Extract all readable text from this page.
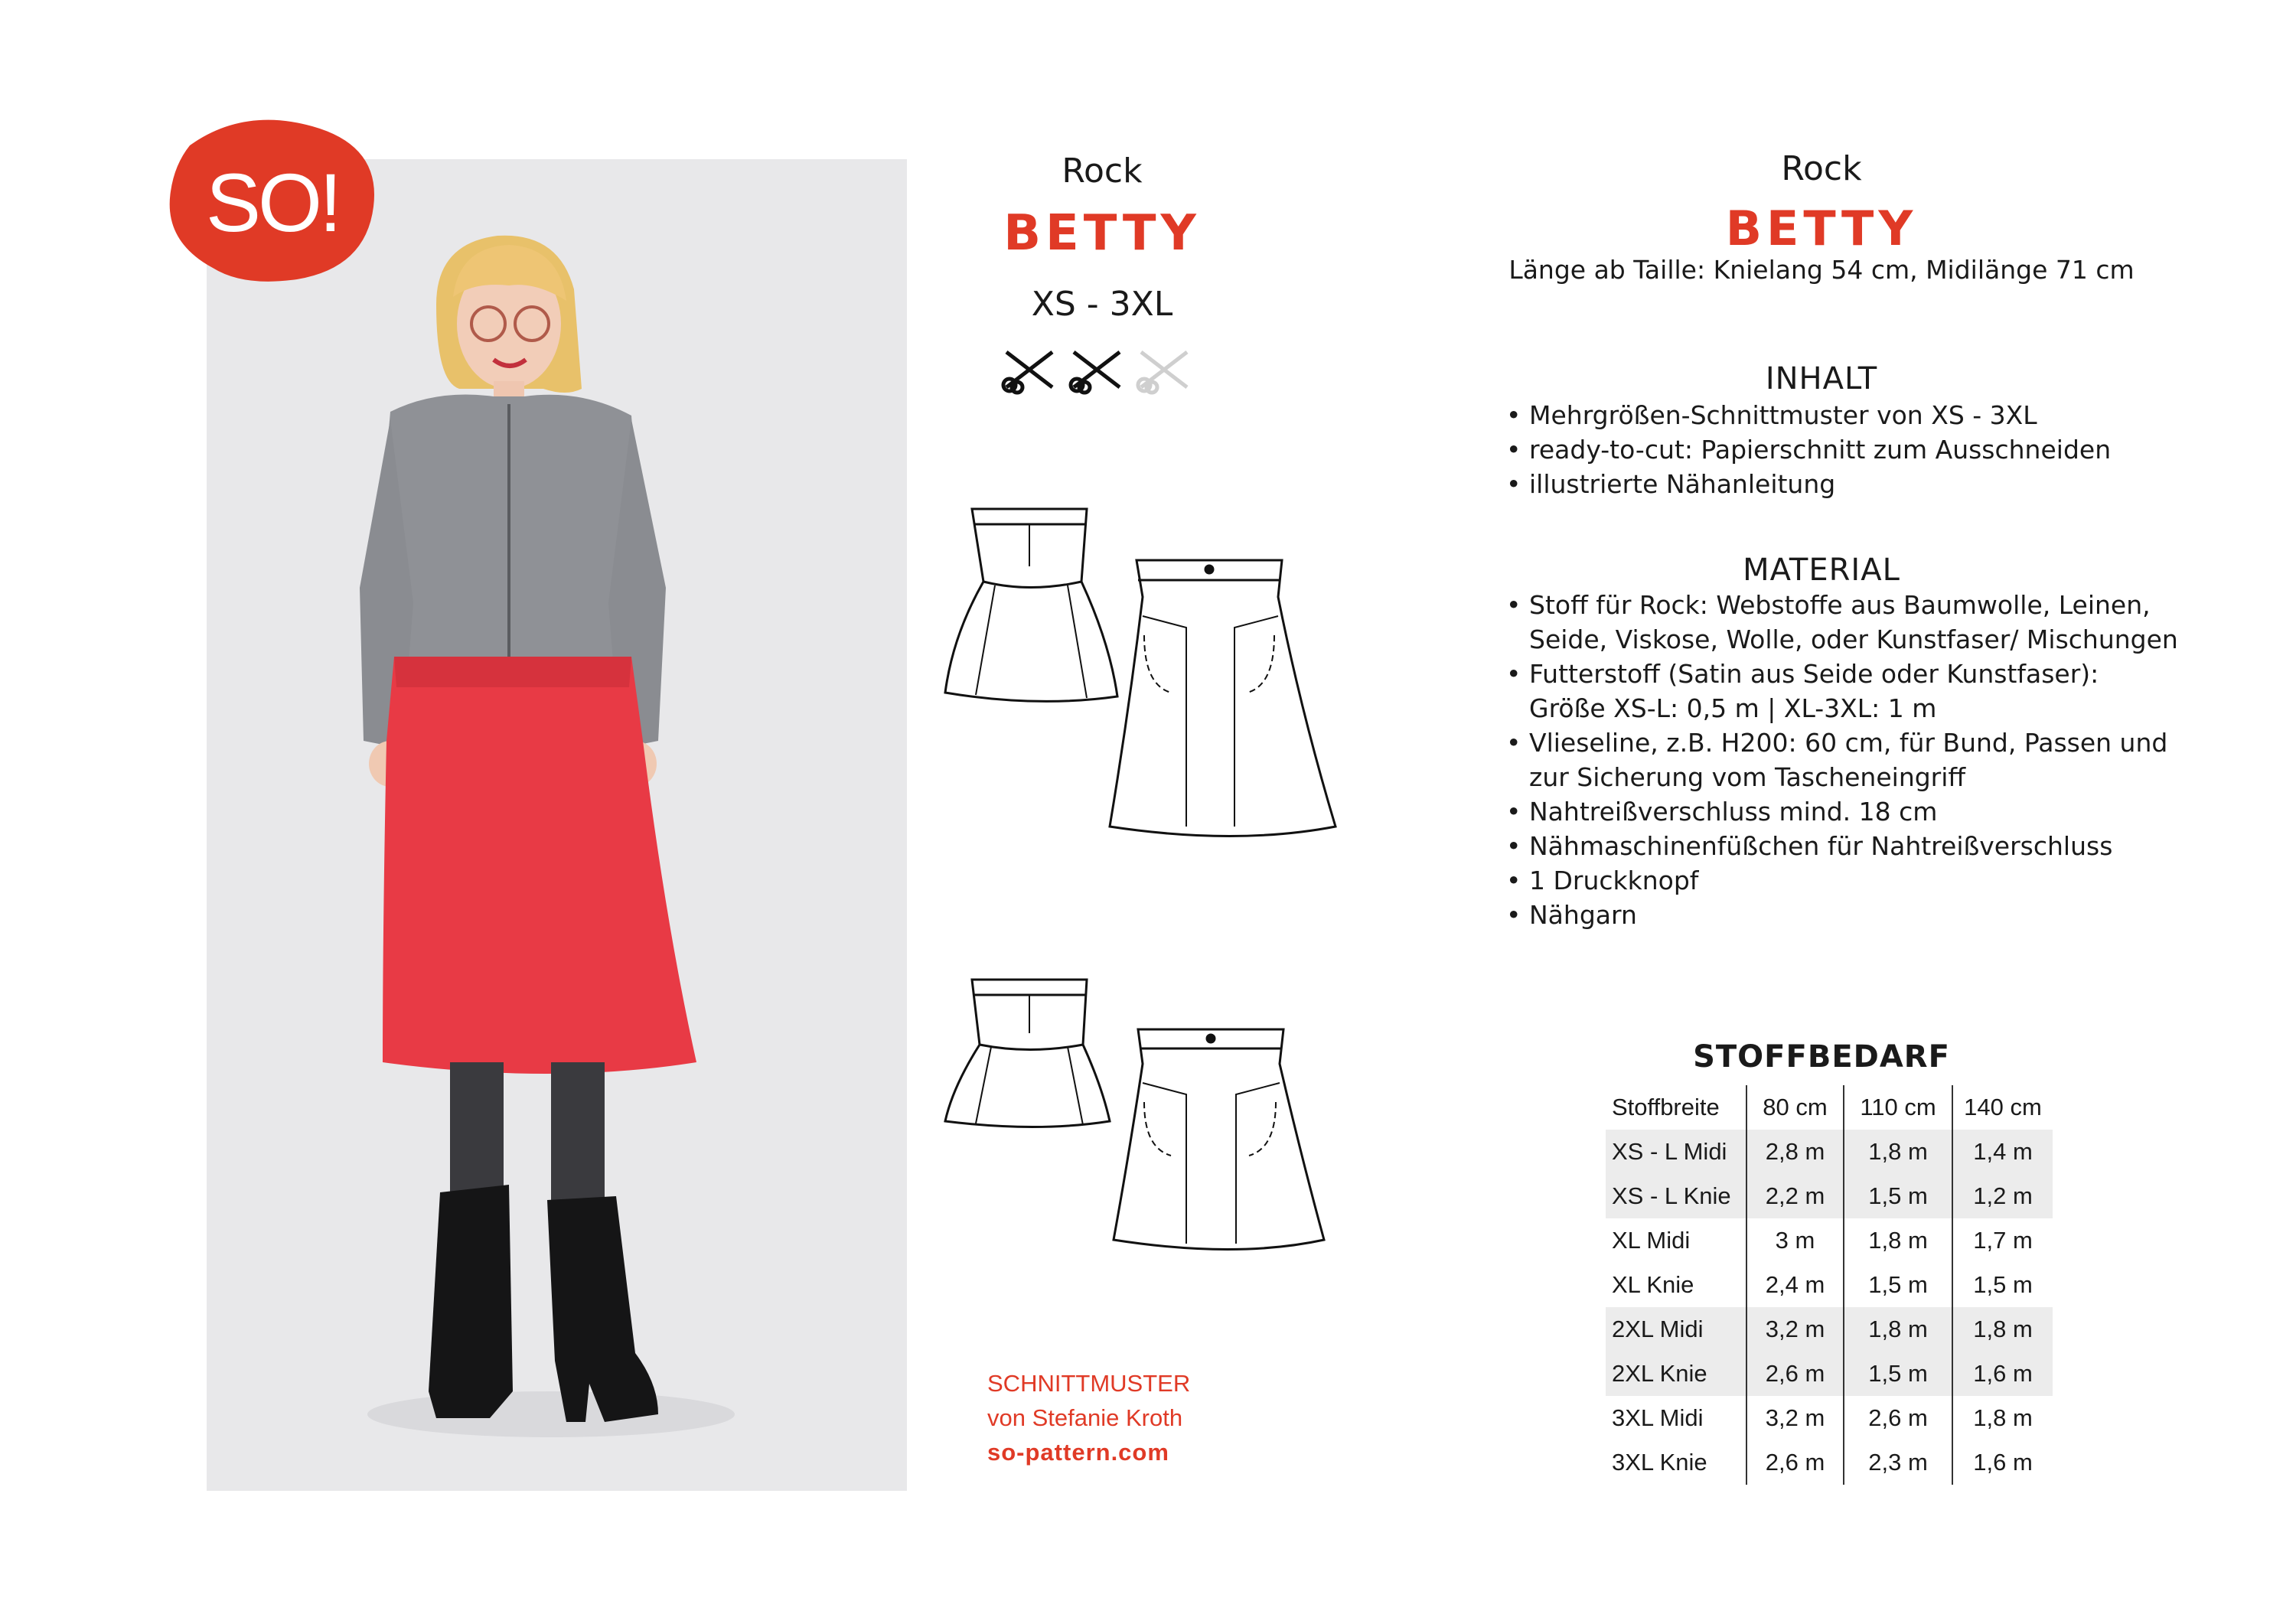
SO!	Rock
BETTY
XS - 3XL
SCHNITTMUSTER
von Stefanie Kroth
so-pattern.com
Rock
BETTY
Länge ab Taille: Knielang 54 cm, Midilänge 71 cm
INHALT
• Mehrgrößen-Schnittmuster von XS - 3XL
• ready-to-cut: Papierschnitt zum Ausschneiden
• illustrierte Nähanleitung
MATERIAL
• Stoff für Rock: Webstoffe aus Baumwolle, Leinen, Seide, Viskose, Wolle, oder Kunstfaser/ Mischungen
• Futterstoff (Satin aus Seide oder Kunstfaser): Größe XS-L: 0,5 m | XL-3XL: 1 m
• Vlieseline, z.B. H200: 60 cm, für Bund, Passen und zur Sicherung vom Tascheneingriff
• Nahtreißverschluss mind. 18 cm
• Nähmaschinenfüßchen für Nahtreißverschluss
• 1 Druckknopf
• Nähgarn
STOFFBEDARF
Stoffbreite	80 cm	110 cm	140 cm
XS - L Midi	2,8 m	1,8 m	1,4 m
XS - L Knie	2,2 m	1,5 m	1,2 m
XL Midi	3 m	1,8 m	1,7 m
XL Knie	2,4 m	1,5 m	1,5 m
2XL Midi	3,2 m	1,8 m	1,8 m
2XL Knie	2,6 m	1,5 m	1,6 m
3XL Midi	3,2 m	2,6 m	1,8 m
3XL Knie	2,6 m	2,3 m	1,6 m
